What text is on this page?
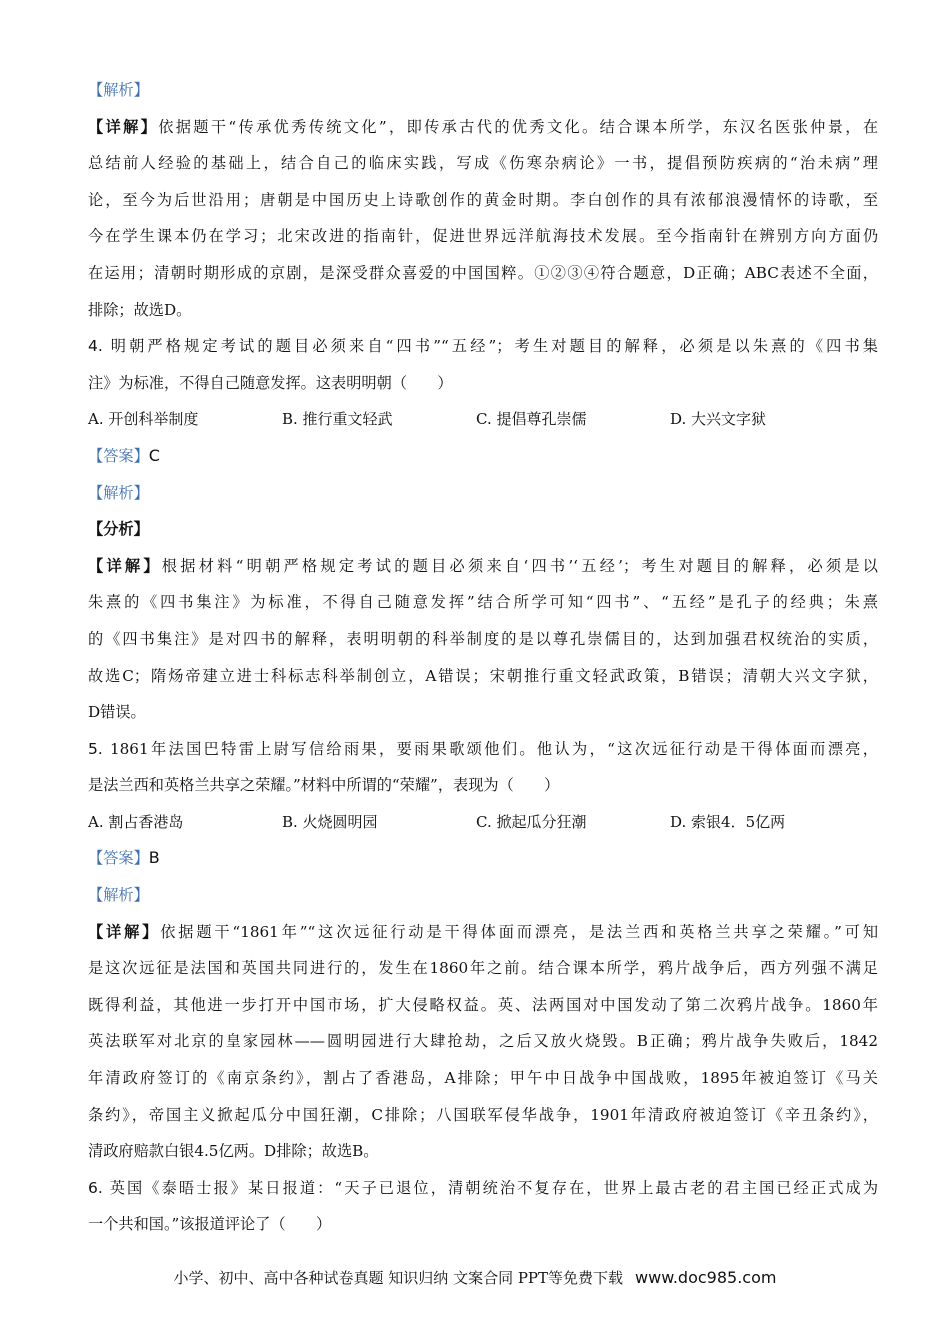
【解析】
【详解】依据题干“传承优秀传统文化”，即传承古代的优秀文化。结合课本所学，东汉名医张仲景，在
总结前人经验的基础上，结合自己的临床实践，写成《伤寒杂病论》一书，提倡预防疾病的“治未病”理
论，至今为后世沿用；唐朝是中国历史上诗歌创作的黄金时期。李白创作的具有浓郁浪漫情怀的诗歌，至
今在学生课本仍在学习；北宋改进的指南针，促进世界远洋航海技术发展。至今指南针在辨别方向方面仍
在运用；清朝时期形成的京剧，是深受群众喜爱的中国国粹。①②③④符合题意，D正确；ABC表述不全面，
排除；故选D。
4. 明朝严格规定考试的题目必须来自“四书”“五经”；考生对题目的解释，必须是以朱熹的《四书集
注》为标准，不得自己随意发挥。这表明明朝（　　）
A. 开创科举制度	B. 推行重文轻武	C. 提倡尊孔崇儒	D. 大兴文字狱
【答案】C
【解析】
【分析】
【详解】根据材料“明朝严格规定考试的题目必须来自‘四书’‘五经’；考生对题目的解释，必须是以
朱熹的《四书集注》为标准，不得自己随意发挥”结合所学可知“四书”、“五经”是孔子的经典；朱熹
的《四书集注》是对四书的解释，表明明朝的科举制度的是以尊孔崇儒目的，达到加强君权统治的实质，
故选C；隋炀帝建立进士科标志科举制创立，A错误；宋朝推行重文轻武政策，B错误；清朝大兴文字狱，
D错误。
5. 1861年法国巴特雷上尉写信给雨果，要雨果歌颂他们。他认为，“这次远征行动是干得体面而漂亮，
是法兰西和英格兰共享之荣耀。”材料中所谓的“荣耀”，表现为（　　）
A. 割占香港岛	B. 火烧圆明园	C. 掀起瓜分狂潮	D. 索银4．5亿两
【答案】B
【解析】
【详解】依据题干“1861年”“这次远征行动是干得体面而漂亮，是法兰西和英格兰共享之荣耀。”可知
是这次远征是法国和英国共同进行的，发生在1860年之前。结合课本所学，鸦片战争后，西方列强不满足
既得利益，其他进一步打开中国市场，扩大侵略权益。英、法两国对中国发动了第二次鸦片战争。1860年
英法联军对北京的皇家园林——圆明园进行大肆抢劫，之后又放火烧毁。B正确；鸦片战争失败后，1842
年清政府签订的《南京条约》，割占了香港岛，A排除；甲午中日战争中国战败，1895年被迫签订《马关
条约》，帝国主义掀起瓜分中国狂潮，C排除；八国联军侵华战争，1901年清政府被迫签订《辛丑条约》，
清政府赔款白银4.5亿两。D排除；故选B。
6. 英国《泰晤士报》某日报道：“天子已退位，清朝统治不复存在，世界上最古老的君主国已经正式成为
一个共和国。”该报道评论了（　　）
小学、初中、高中各种试卷真题 知识归纳 文案合同 PPT等免费下载 www.doc985.com
